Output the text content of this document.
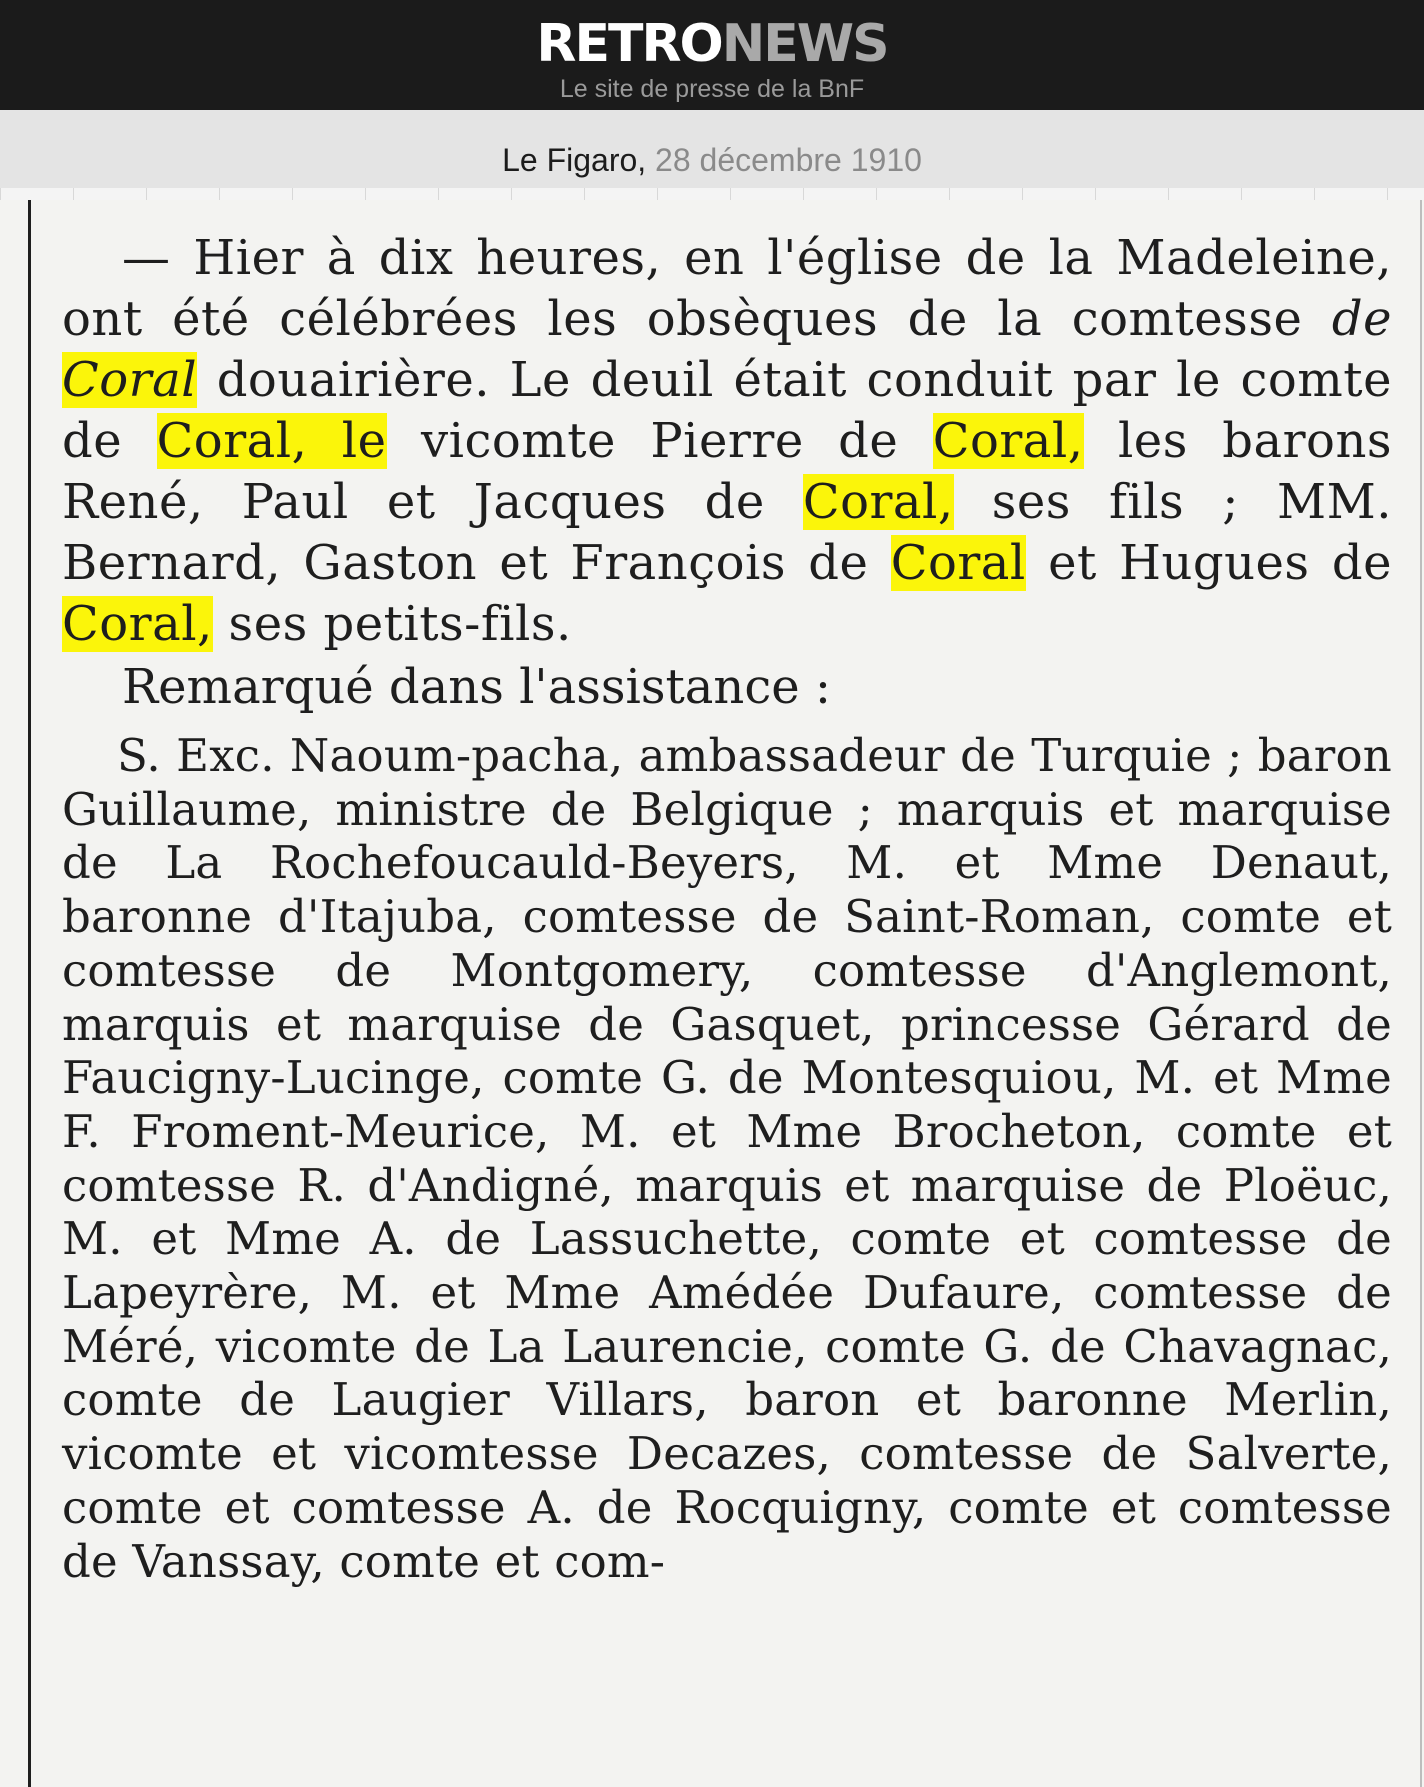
RETRONEWS
Le site de presse de la BnF
Le Figaro, 28 décembre 1910

— Hier à dix heures, en l'église de la Madeleine, ont été célébrées les obsèques de la comtesse de Coral douairière. Le deuil était conduit par le comte de Coral, le vicomte Pierre de Coral, les barons René, Paul et Jacques de Coral, ses fils ; MM. Bernard, Gaston et François de Coral et Hugues de Coral, ses petits-fils.

Remarqué dans l'assistance :

S. Exc. Naoum-pacha, ambassadeur de Turquie ; baron Guillaume, ministre de Belgique ; marquis et marquise de La Rochefoucauld-Beyers, M. et Mme Denaut, baronne d'Itajuba, comtesse de Saint-Roman, comte et comtesse de Montgomery, comtesse d'Anglemont, marquis et marquise de Gasquet, princesse Gérard de Faucigny-Lucinge, comte G. de Montesquiou, M. et Mme F. Froment-Meurice, M. et Mme Brocheton, comte et comtesse R. d'Andigné, marquis et marquise de Ploëuc, M. et Mme A. de Lassuchette, comte et comtesse de Lapeyrère, M. et Mme Amédée Dufaure, comtesse de Méré, vicomte de La Laurencie, comte G. de Chavagnac, comte de Laugier Villars, baron et baronne Merlin, vicomte et vicomtesse Decazes, comtesse de Salverte, comte et comtesse A. de Rocquigny, comte et comtesse de Vanssay, comte et com-
